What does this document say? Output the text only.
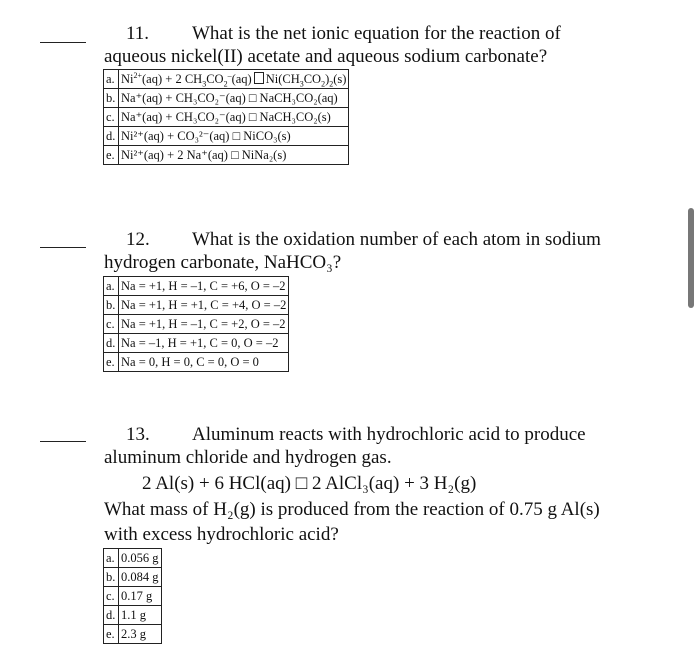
11. What is the net ionic equation for the reaction of
aqueous nickel(II) acetate and aqueous sodium carbonate?
a.	$Ni^{2+}(aq) + 2$ $CH_3CO_2^-(aq)$ $Ni(CH_3CO_2)_2(s)$
b.	Na⁺(aq) + CH₃CO₂⁻(aq) □ NaCH₃CO₂(aq)
c.	Na⁺(aq) + CH₃CO₂⁻(aq) □ NaCH₃CO₂(s)
d.	Ni²⁺(aq) + CO₃²⁻(aq) □ NiCO₃(s)
e.	Ni²⁺(aq) + 2 Na⁺(aq) □ NiNa₂(s)
12. What is the oxidation number of each atom in sodium
hydrogen carbonate, NaHCO₃?
a.	Na = +1, H = –1, C = +6, O = –2
b.	Na = +1, H = +1, C = +4, O = –2
c.	Na = +1, H = –1, C = +2, O = –2
d.	Na = –1, H = +1, C = 0, O = –2
e.	Na = 0, H = 0, C = 0, O = 0
13. Aluminum reacts with hydrochloric acid to produce
aluminum chloride and hydrogen gas.
2 Al(s) + 6 HCl(aq) □ 2 AlCl₃(aq) + 3 H₂(g)
What mass of H₂(g) is produced from the reaction of 0.75 g Al(s)
with excess hydrochloric acid?
a.	0.056 g
b.	0.084 g
c.	0.17 g
d.	1.1 g
e.	2.3 g
